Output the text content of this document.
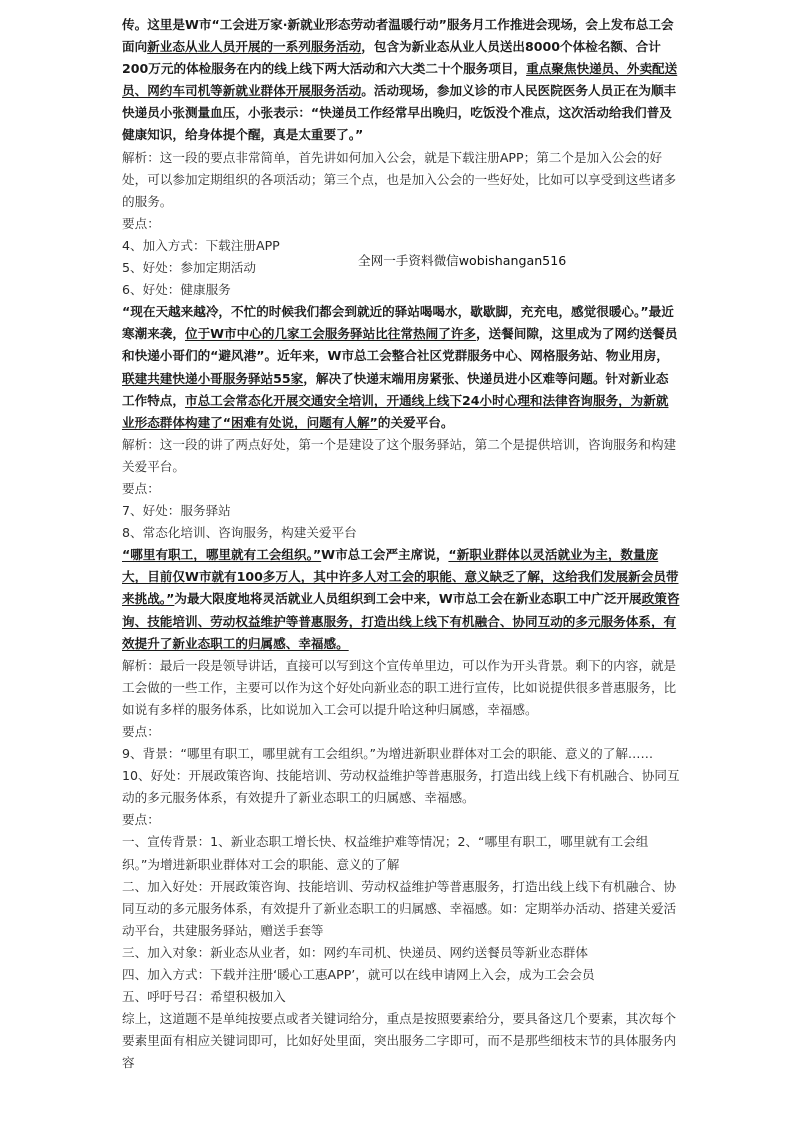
传。这里是W市“工会进万家·新就业形态劳动者温暖行动”服务月工作推进会现场，会上发布总工会面向新业态从业人员开展的一系列服务活动，包含为新业态从业人员送出8000个体检名额、合计200万元的体检服务在内的线上线下两大活动和六大类二十个服务项目，重点聚焦快递员、外卖配送员、网约车司机等新就业群体开展服务活动。活动现场，参加义诊的市人民医院医务人员正在为顺丰快递员小张测量血压，小张表示：“快递员工作经常早出晚归，吃饭没个准点，这次活动给我们普及健康知识，给身体提个醒，真是太重要了。”

解析：这一段的要点非常简单，首先讲如何加入公会，就是下载注册APP；第二个是加入公会的好处，可以参加定期组织的各项活动；第三个点，也是加入公会的一些好处，比如可以享受到这些诸多的服务。

要点：

4、加入方式：下载注册APP

5、好处：参加定期活动

6、好处：健康服务

“现在天越来越冷，不忙的时候我们都会到就近的驿站喝喝水，歇歇脚，充充电，感觉很暖心。”最近寒潮来袭，位于W市中心的几家工会服务驿站比往常热闹了许多，送餐间隙，这里成为了网约送餐员和快递小哥们的“避风港”。近年来，W市总工会整合社区党群服务中心、网格服务站、物业用房，联建共建快递小哥服务驿站55家，解决了快递末端用房紧张、快递员进小区难等问题。针对新业态工作特点，市总工会常态化开展交通安全培训，开通线上线下24小时心理和法律咨询服务，为新就业形态群体构建了“困难有处说，问题有人解”的关爱平台。

解析：这一段的讲了两点好处，第一个是建设了这个服务驿站，第二个是提供培训，咨询服务和构建关爱平台。

要点：

7、好处：服务驿站

8、常态化培训、咨询服务，构建关爱平台

“哪里有职工，哪里就有工会组织。”W市总工会严主席说，“新职业群体以灵活就业为主，数量庞大，目前仅W市就有100多万人，其中许多人对工会的职能、意义缺乏了解，这给我们发展新会员带来挑战。”为最大限度地将灵活就业人员组织到工会中来，W市总工会在新业态职工中广泛开展政策咨询、技能培训、劳动权益维护等普惠服务，打造出线上线下有机融合、协同互动的多元服务体系，有效提升了新业态职工的归属感、幸福感。

解析：最后一段是领导讲话，直接可以写到这个宣传单里边，可以作为开头背景。剩下的内容，就是工会做的一些工作，主要可以作为这个好处向新业态的职工进行宣传，比如说提供很多普惠服务，比如说有多样的服务体系，比如说加入工会可以提升哈这种归属感，幸福感。

要点：

9、背景：“哪里有职工，哪里就有工会组织。”为增进新职业群体对工会的职能、意义的了解……

10、好处：开展政策咨询、技能培训、劳动权益维护等普惠服务，打造出线上线下有机融合、协同互动的多元服务体系，有效提升了新业态职工的归属感、幸福感。

要点：

一、宣传背景：1、新业态职工增长快、权益维护难等情况；2、“哪里有职工，哪里就有工会组织。”为增进新职业群体对工会的职能、意义的了解

二、加入好处：开展政策咨询、技能培训、劳动权益维护等普惠服务，打造出线上线下有机融合、协同互动的多元服务体系，有效提升了新业态职工的归属感、幸福感。如：定期举办活动、搭建关爱活动平台，共建服务驿站，赠送手套等

三、加入对象：新业态从业者，如：网约车司机、快递员、网约送餐员等新业态群体

四、加入方式：下载并注册‘暖心工惠APP’，就可以在线申请网上入会，成为工会会员

五、呼吁号召：希望积极加入

综上，这道题不是单纯按要点或者关键词给分，重点是按照要素给分，要具备这几个要素，其次每个要素里面有相应关键词即可，比如好处里面，突出服务二字即可，而不是那些细枝末节的具体服务内容

全网一手资料微信wobishangan516
